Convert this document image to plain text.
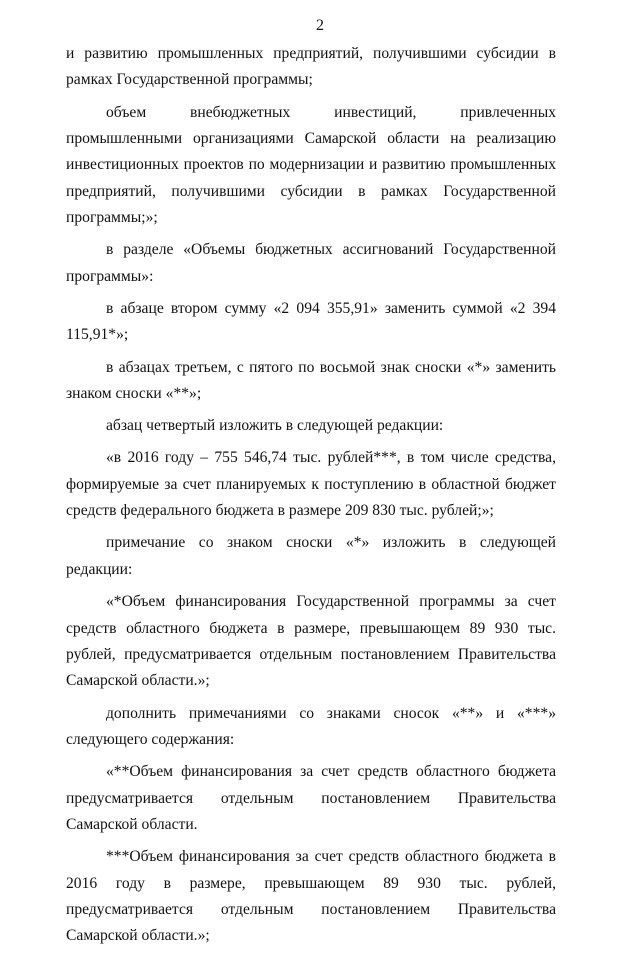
2

и развитию промышленных предприятий, получившими субсидии в рамках Государственной программы;

объем внебюджетных инвестиций, привлеченных промышленными организациями Самарской области на реализацию инвестиционных проектов по модернизации и развитию промышленных предприятий, получившими субсидии в рамках Государственной программы;»;

в разделе «Объемы бюджетных ассигнований Государственной программы»:

в абзаце втором сумму «2 094 355,91» заменить суммой «2 394 115,91*»;

в абзацах третьем, с пятого по восьмой знак сноски «*» заменить знаком сноски «**»;

абзац четвертый изложить в следующей редакции:

«в 2016 году – 755 546,74 тыс. рублей***, в том числе средства, формируемые за счет планируемых к поступлению в областной бюджет средств федерального бюджета в размере 209 830 тыс. рублей;»;

примечание со знаком сноски «*» изложить в следующей редакции:

«*Объем финансирования Государственной программы за счет средств областного бюджета в размере, превышающем 89 930 тыс. рублей, предусматривается отдельным постановлением Правительства Самарской области.»;

дополнить примечаниями со знаками сносок «**» и «***» следующего содержания:

«**Объем финансирования за счет средств областного бюджета предусматривается отдельным постановлением Правительства Самарской области.

***Объем финансирования за счет средств областного бюджета в 2016 году в размере, превышающем 89 930 тыс. рублей, предусматривается отдельным постановлением Правительства Самарской области.»;
